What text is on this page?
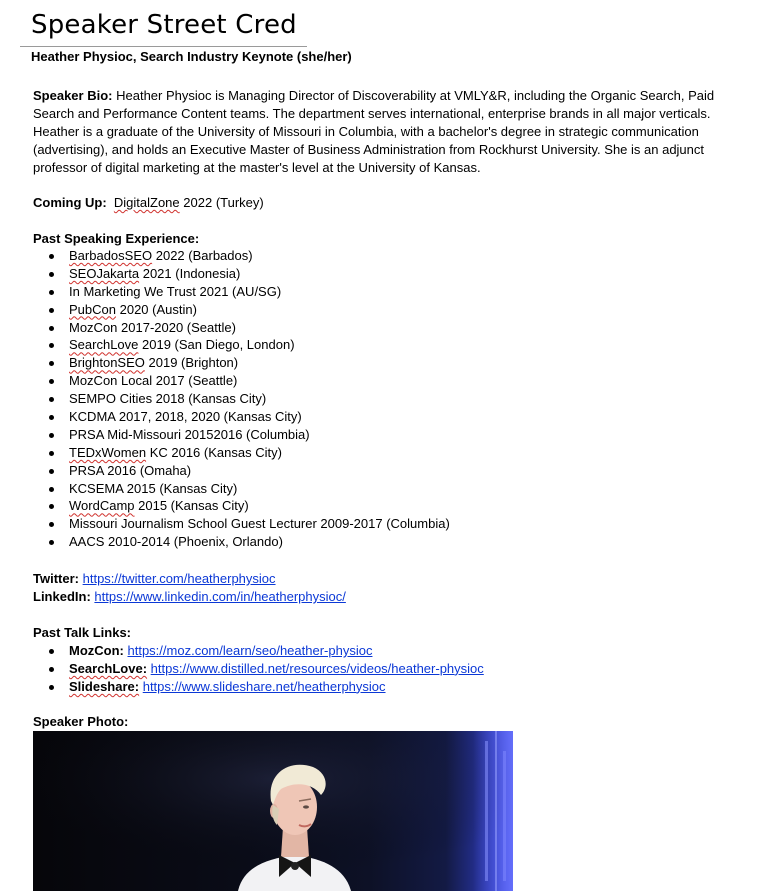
Speaker Street Cred
Heather Physioc, Search Industry Keynote (she/her)
Speaker Bio: Heather Physioc is Managing Director of Discoverability at VMLY&R, including the Organic Search, Paid Search and Performance Content teams. The department serves international, enterprise brands in all major verticals. Heather is a graduate of the University of Missouri in Columbia, with a bachelor's degree in strategic communication (advertising), and holds an Executive Master of Business Administration from Rockhurst University. She is an adjunct professor of digital marketing at the master's level at the University of Kansas.
Coming Up: DigitalZone 2022 (Turkey)
Past Speaking Experience:
BarbadosSEO 2022 (Barbados)
SEOJakarta 2021 (Indonesia)
In Marketing We Trust 2021 (AU/SG)
PubCon 2020 (Austin)
MozCon 2017-2020 (Seattle)
SearchLove 2019 (San Diego, London)
BrightonSEO 2019 (Brighton)
MozCon Local 2017 (Seattle)
SEMPO Cities 2018 (Kansas City)
KCDMA 2017, 2018, 2020 (Kansas City)
PRSA Mid-Missouri 20152016 (Columbia)
TEDxWomen KC 2016 (Kansas City)
PRSA 2016 (Omaha)
KCSEMA 2015 (Kansas City)
WordCamp 2015 (Kansas City)
Missouri Journalism School Guest Lecturer 2009-2017 (Columbia)
AACS 2010-2014 (Phoenix, Orlando)
Twitter: https://twitter.com/heatherphysioc
LinkedIn: https://www.linkedin.com/in/heatherphysioc/
Past Talk Links:
MozCon: https://moz.com/learn/seo/heather-physioc
SearchLove: https://www.distilled.net/resources/videos/heather-physioc
Slideshare: https://www.slideshare.net/heatherphysioc
Speaker Photo:
